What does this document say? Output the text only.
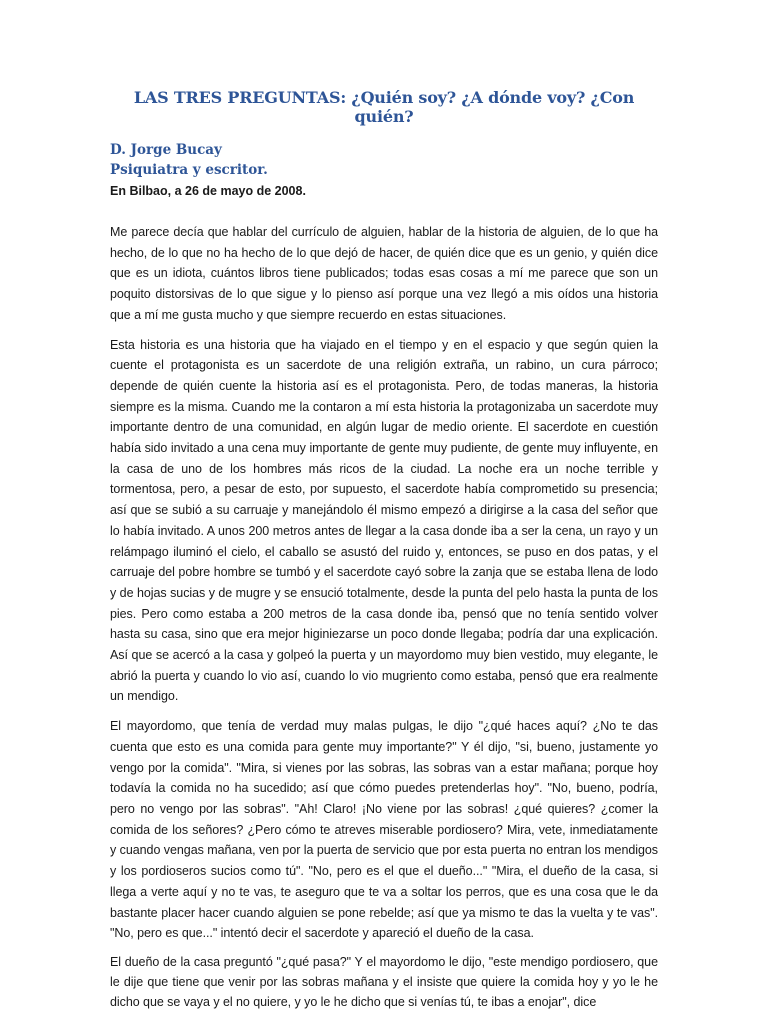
LAS TRES PREGUNTAS: ¿Quién soy? ¿A dónde voy? ¿Con quién?

D. Jorge Bucay

Psiquiatra y escritor.

En Bilbao, a 26 de mayo de 2008.

Me parece decía que hablar del currículo de alguien, hablar de la historia de alguien, de lo que ha hecho, de lo que no ha hecho de lo que dejó de hacer, de quién dice que es un genio, y quién dice que es un idiota, cuántos libros tiene publicados; todas esas cosas a mí me parece que son un poquito distorsivas de lo que sigue y lo pienso así porque una vez llegó a mis oídos una historia que a mí me gusta mucho y que siempre recuerdo en estas situaciones.

Esta historia es una historia que ha viajado en el tiempo y en el espacio y que según quien la cuente el protagonista es un sacerdote de una religión extraña, un rabino, un cura párroco; depende de quién cuente la historia así es el protagonista. Pero, de todas maneras, la historia siempre es la misma. Cuando me la contaron a mí esta historia la protagonizaba un sacerdote muy importante dentro de una comunidad, en algún lugar de medio oriente. El sacerdote en cuestión había sido invitado a una cena muy importante de gente muy pudiente, de gente muy influyente, en la casa de uno de los hombres más ricos de la ciudad. La noche era un noche terrible y tormentosa, pero, a pesar de esto, por supuesto, el sacerdote había comprometido su presencia; así que se subió a su carruaje y manejándolo él mismo empezó a dirigirse a la casa del señor que lo había invitado. A unos 200 metros antes de llegar a la casa donde iba a ser la cena, un rayo y un relámpago iluminó el cielo, el caballo se asustó del ruido y, entonces, se puso en dos patas, y el carruaje del pobre hombre se tumbó y el sacerdote cayó sobre la zanja que se estaba llena de lodo y de hojas sucias y de mugre y se ensució totalmente, desde la punta del pelo hasta la punta de los pies. Pero como estaba a 200 metros de la casa donde iba, pensó que no tenía sentido volver hasta su casa, sino que era mejor higiniezarse un poco donde llegaba; podría dar una explicación. Así que se acercó a la casa y golpeó la puerta y un mayordomo muy bien vestido, muy elegante, le abrió la puerta y cuando lo vio así, cuando lo vio mugriento como estaba, pensó que era realmente un mendigo.

El mayordomo, que tenía de verdad muy malas pulgas, le dijo "¿qué haces aquí? ¿No te das cuenta que esto es una comida para gente muy importante?" Y él dijo, "si, bueno, justamente yo vengo por la comida". "Mira, si vienes por las sobras, las sobras van a estar mañana; porque hoy todavía la comida no ha sucedido; así que cómo puedes pretenderlas hoy". "No, bueno, podría, pero no vengo por las sobras". "Ah! Claro! ¡No viene por las sobras! ¿qué quieres? ¿comer la comida de los señores? ¿Pero cómo te atreves miserable pordiosero? Mira, vete, inmediatamente y cuando vengas mañana, ven por la puerta de servicio que por esta puerta no entran los mendigos y los pordioseros sucios como tú". "No, pero es el que el dueño..." "Mira, el dueño de la casa, si llega a verte aquí y no te vas, te aseguro que te va a soltar los perros, que es una cosa que le da bastante placer hacer cuando alguien se pone rebelde; así que ya mismo te das la vuelta y te vas". "No, pero es que..." intentó decir el sacerdote y apareció el dueño de la casa.

El dueño de la casa preguntó "¿qué pasa?" Y el mayordomo le dijo, "este mendigo pordiosero, que le dije que tiene que venir por las sobras mañana y el insiste que quiere la comida hoy y yo le he dicho que se vaya y el no quiere, y yo le he dicho que si venías tú, te ibas a enojar", dice
